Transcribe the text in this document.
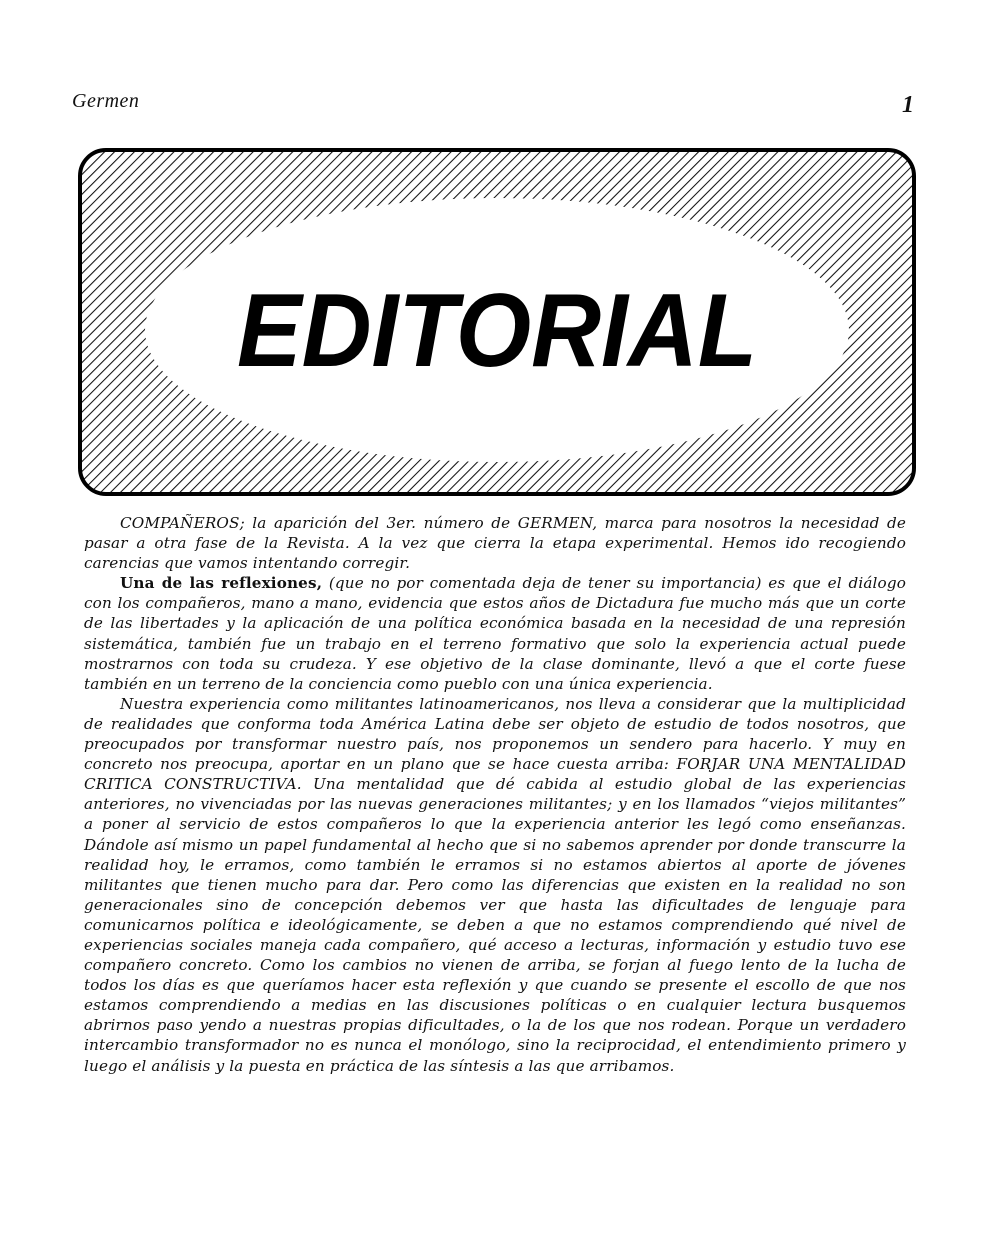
Germen	1
EDITORIAL

COMPAÑEROS; la aparición del 3er. número de GERMEN, marca para nosotros la necesidad de pasar a otra fase de la Revista. A la vez que cierra la etapa experimental. Hemos ido recogiendo carencias que vamos intentando corregir.

Una de las reflexiones, (que no por comentada deja de tener su importancia) es que el diálogo con los compañeros, mano a mano, evidencia que estos años de Dictadura fue mucho más que un corte de las libertades y la aplicación de una política económica basada en la necesidad de una represión sistemática, también fue un trabajo en el terreno formativo que solo la experiencia actual puede mostrarnos con toda su crudeza. Y ese objetivo de la clase dominante, llevó a que el corte fuese también en un terreno de la conciencia como pueblo con una única experiencia.

Nuestra experiencia como militantes latinoamericanos, nos lleva a considerar que la multiplicidad de realidades que conforma toda América Latina debe ser objeto de estudio de todos nosotros, que preocupados por transformar nuestro país, nos proponemos un sendero para hacerlo. Y muy en concreto nos preocupa, aportar en un plano que se hace cuesta arriba: FORJAR UNA MENTALIDAD CRITICA CONSTRUCTIVA. Una mentalidad que dé cabida al estudio global de las experiencias anteriores, no vivenciadas por las nuevas generaciones militantes; y en los llamados “viejos militantes” a poner al servicio de estos compañeros lo que la experiencia anterior les legó como enseñanzas. Dándole así mismo un papel fundamental al hecho que si no sabemos aprender por donde transcurre la realidad hoy, le erramos, como también le erramos si no estamos abiertos al aporte de jóvenes militantes que tienen mucho para dar. Pero como las diferencias que existen en la realidad no son generacionales sino de concepción debemos ver que hasta las dificultades de lenguaje para comunicarnos política e ideológicamente, se deben a que no estamos comprendiendo qué nivel de experiencias sociales maneja cada compañero, qué acceso a lecturas, información y estudio tuvo ese compañero concreto. Como los cambios no vienen de arriba, se forjan al fuego lento de la lucha de todos los días es que queríamos hacer esta reflexión y que cuando se presente el escollo de que nos estamos comprendiendo a medias en las discusiones políticas o en cualquier lectura busquemos abrirnos paso yendo a nuestras propias dificultades, o la de los que nos rodean. Porque un verdadero intercambio transformador no es nunca el monólogo, sino la reciprocidad, el entendimiento primero y luego el análisis y la puesta en práctica de las síntesis a las que arribamos.
